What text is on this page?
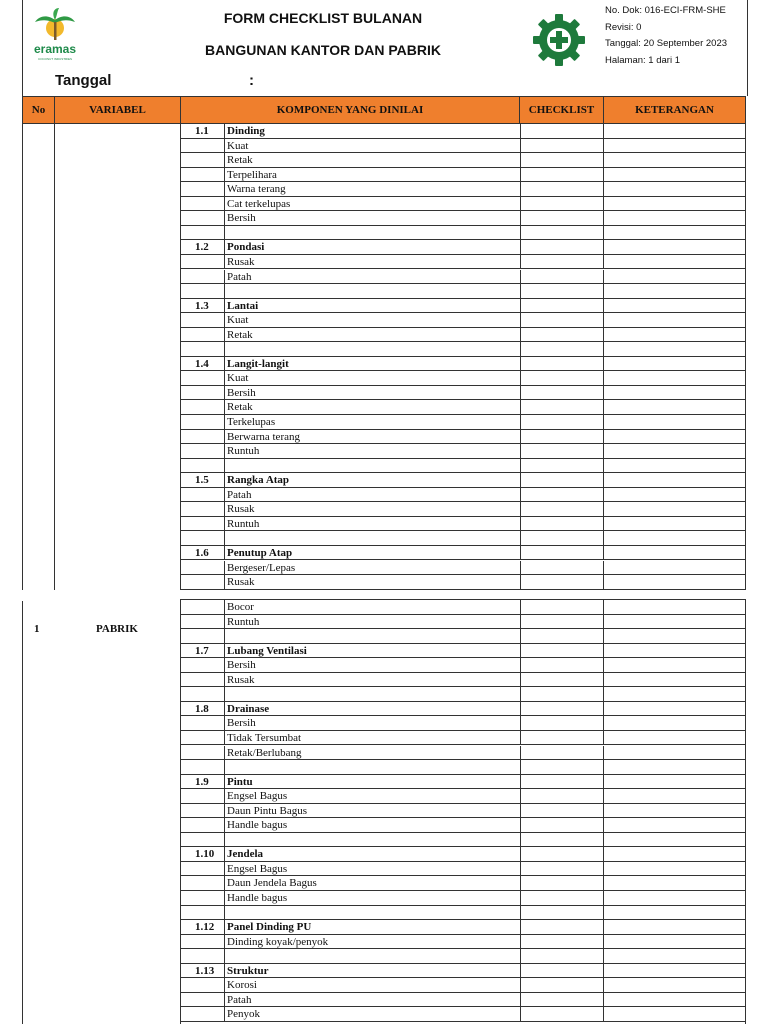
eramas
COCONUT INDUSTRIES
FORM CHECKLIST BULANAN
BANGUNAN KANTOR DAN PABRIK
No. Dok: 016-ECI-FRM-SHE
Revisi: 0
Tanggal: 20 September 2023
Halaman: 1 dari 1
Tanggal	:
No	VARIABEL	KOMPONEN YANG DINILAI	CHECKLIST	KETERANGAN
1	PABRIK
1.1	Dinding
Kuat
Retak
Terpelihara
Warna terang
Cat terkelupas
Bersih
1.2	Pondasi
Rusak
Patah
1.3	Lantai
Kuat
Retak
1.4	Langit-langit
Kuat
Bersih
Retak
Terkelupas
Berwarna terang
Runtuh
1.5	Rangka Atap
Patah
Rusak
Runtuh
1.6	Penutup Atap
Bergeser/Lepas
Rusak
Bocor
Runtuh
1.7	Lubang Ventilasi
Bersih
Rusak
1.8	Drainase
Bersih
Tidak Tersumbat
Retak/Berlubang
1.9	Pintu
Engsel Bagus
Daun Pintu Bagus
Handle bagus
1.10	Jendela
Engsel Bagus
Daun Jendela Bagus
Handle bagus
1.12	Panel Dinding PU
Dinding koyak/penyok
1.13	Struktur
Korosi
Patah
Penyok
